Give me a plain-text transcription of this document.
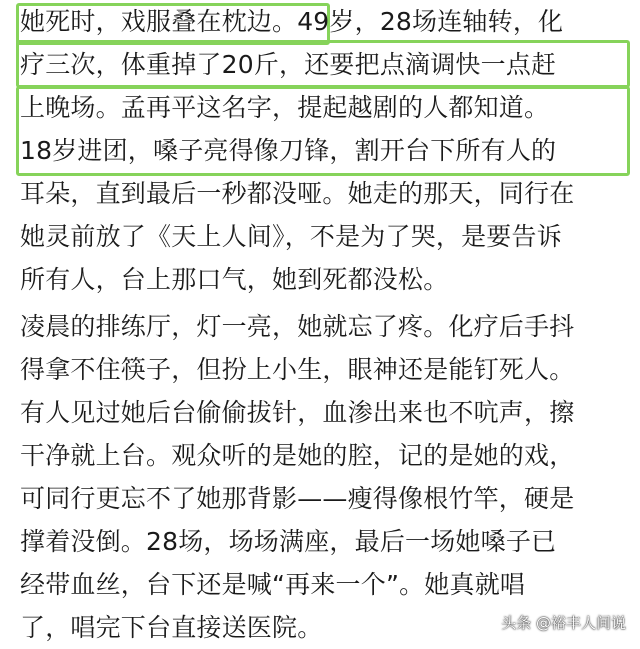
她死时，戏服叠在枕边。49岁，28场连轴转，化
疗三次，体重掉了20斤，还要把点滴调快一点赶
上晚场。孟再平这名字，提起越剧的人都知道。
18岁进团，嗓子亮得像刀锋，割开台下所有人的
耳朵，直到最后一秒都没哑。她走的那天，同行在
她灵前放了《天上人间》，不是为了哭，是要告诉
所有人，台上那口气，她到死都没松。
凌晨的排练厅，灯一亮，她就忘了疼。化疗后手抖
得拿不住筷子，但扮上小生，眼神还是能钉死人。
有人见过她后台偷偷拔针，血渗出来也不吭声，擦
干净就上台。观众听的是她的腔，记的是她的戏，
可同行更忘不了她那背影——瘦得像根竹竿，硬是
撑着没倒。28场，场场满座，最后一场她嗓子已
经带血丝，台下还是喊“再来一个”。她真就唱
了，唱完下台直接送医院。	头条 @裕丰人间说
